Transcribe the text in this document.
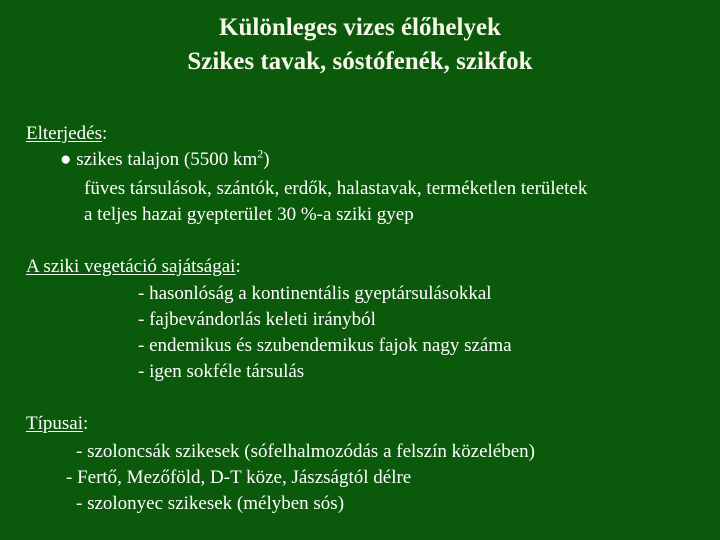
Különleges vizes élőhelyek
Szikes tavak, sóstófenék, szikfok
Elterjedés:
● szikes talajon (5500 $km^2$)
füves társulások, szántók, erdők, halastavak, terméketlen területek
a teljes hazai gyepterület 30 %-a sziki gyep
A sziki vegetáció sajátságai:
- hasonlóság a kontinentális gyeptársulásokkal
- fajbevándorlás keleti irányból
- endemikus és szubendemikus fajok nagy száma
- igen sokféle társulás
Típusai:
- szoloncsák szikesek (sófelhalmozódás a felszín közelében)
- Fertő, Mezőföld, D-T köze, Jászságtól délre
- szolonyec szikesek (mélyben sós)
